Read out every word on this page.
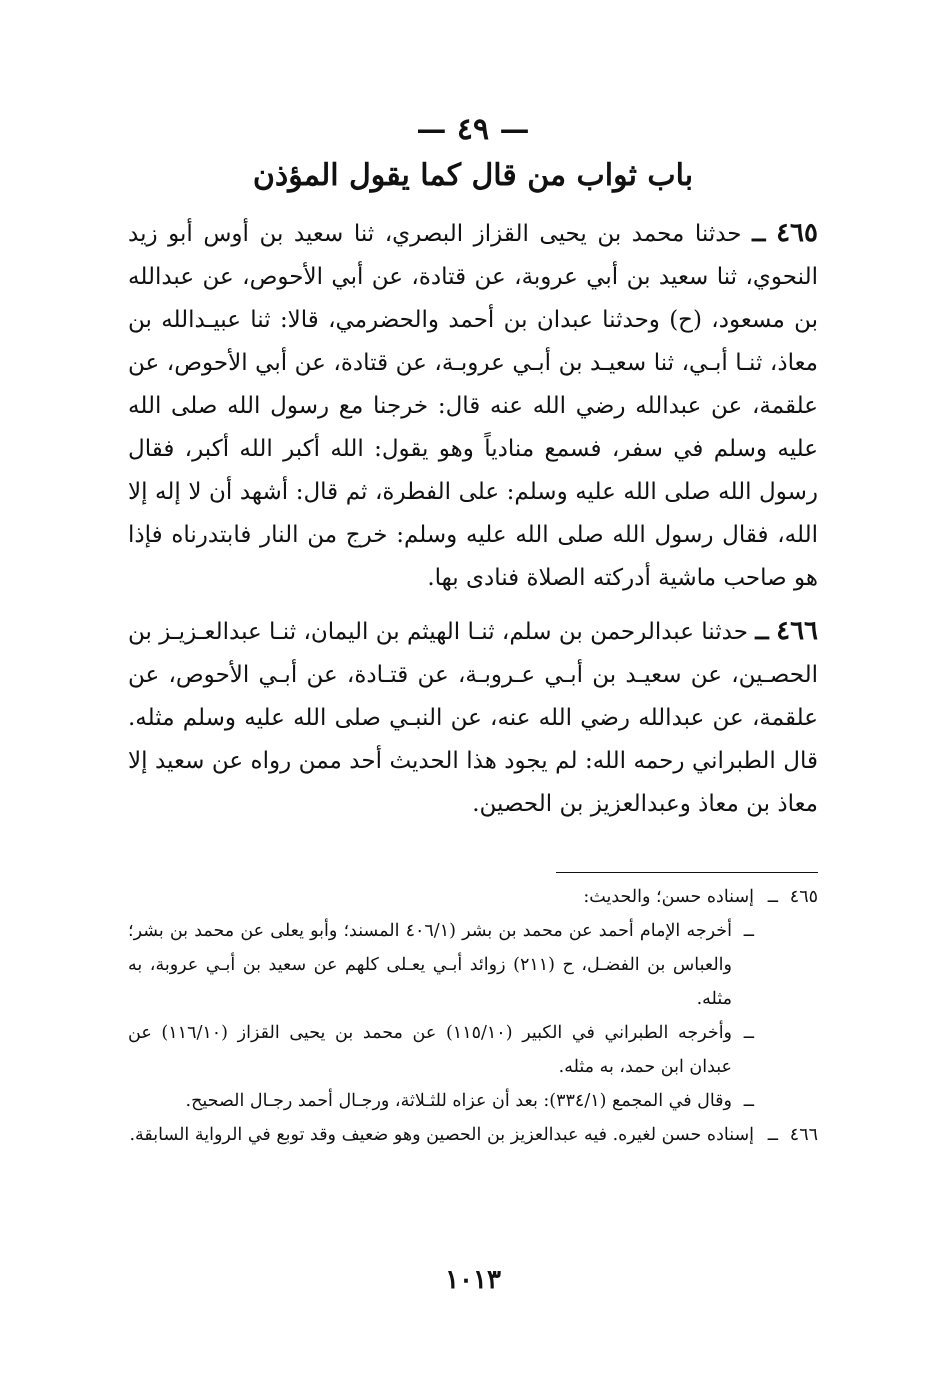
— ٤٩ —
باب ثواب من قال كما يقول المؤذن

٤٦٥ ــ حدثنا محمد بن يحيى القزاز البصري، ثنا سعيد بن أوس أبو زيد النحوي، ثنا سعيد بن أبي عروبة، عن قتادة، عن أبي الأحوص، عن عبدالله بن مسعود، (ح) وحدثنا عبدان بن أحمد والحضرمي، قالا: ثنا عبيـدالله بن معاذ، ثنـا أبـي، ثنا سعيـد بن أبـي عروبـة، عن قتادة، عن أبي الأحوص، عن علقمة، عن عبدالله رضي الله عنه قال: خرجنا مع رسول الله صلى الله عليه وسلم في سفر، فسمع منادياً وهو يقول: الله أكبر الله أكبر، فقال رسول الله صلى الله عليه وسلم: على الفطرة، ثم قال: أشهد أن لا إله إلا الله، فقال رسول الله صلى الله عليه وسلم: خرج من النار فابتدرناه فإذا هو صاحب ماشية أدركته الصلاة فنادى بها.

٤٦٦ ــ حدثنا عبدالرحمن بن سلم، ثنـا الهيثم بن اليمان، ثنـا عبدالعـزيـز بن الحصـين، عن سعيـد بن أبـي عـروبـة، عن قتـادة، عن أبـي الأحوص، عن علقمة، عن عبدالله رضي الله عنه، عن النبـي صلى الله عليه وسلم مثله. قال الطبراني رحمه الله: لم يجود هذا الحديث أحد ممن رواه عن سعيد إلا معاذ بن معاذ وعبدالعزيز بن الحصين.

٤٦٥
ــ
إسناده حسن؛ والحديث:
ــ
أخرجه الإمام أحمد عن محمد بن بشر (٤٠٦/١ المسند؛ وأبو يعلى عن محمد بن بشر؛ والعباس بن الفضـل، ح (٢١١) زوائد أبـي يعـلى كلهم عن سعيد بن أبـي عروبة، به مثله.
ــ
وأخرجه الطبراني في الكبير (١١٥/١٠) عن محمد بن يحيى القزاز (١١٦/١٠) عن عبدان ابن حمد، به مثله.
ــ
وقال في المجمع (٣٣٤/١): بعد أن عزاه للثـلاثة، ورجـال أحمد رجـال الصحيح.
٤٦٦
ــ
إسناده حسن لغيره. فيه عبدالعزيز بن الحصين وهو ضعيف وقد توبع في الرواية السابقة.
١٠١٣
